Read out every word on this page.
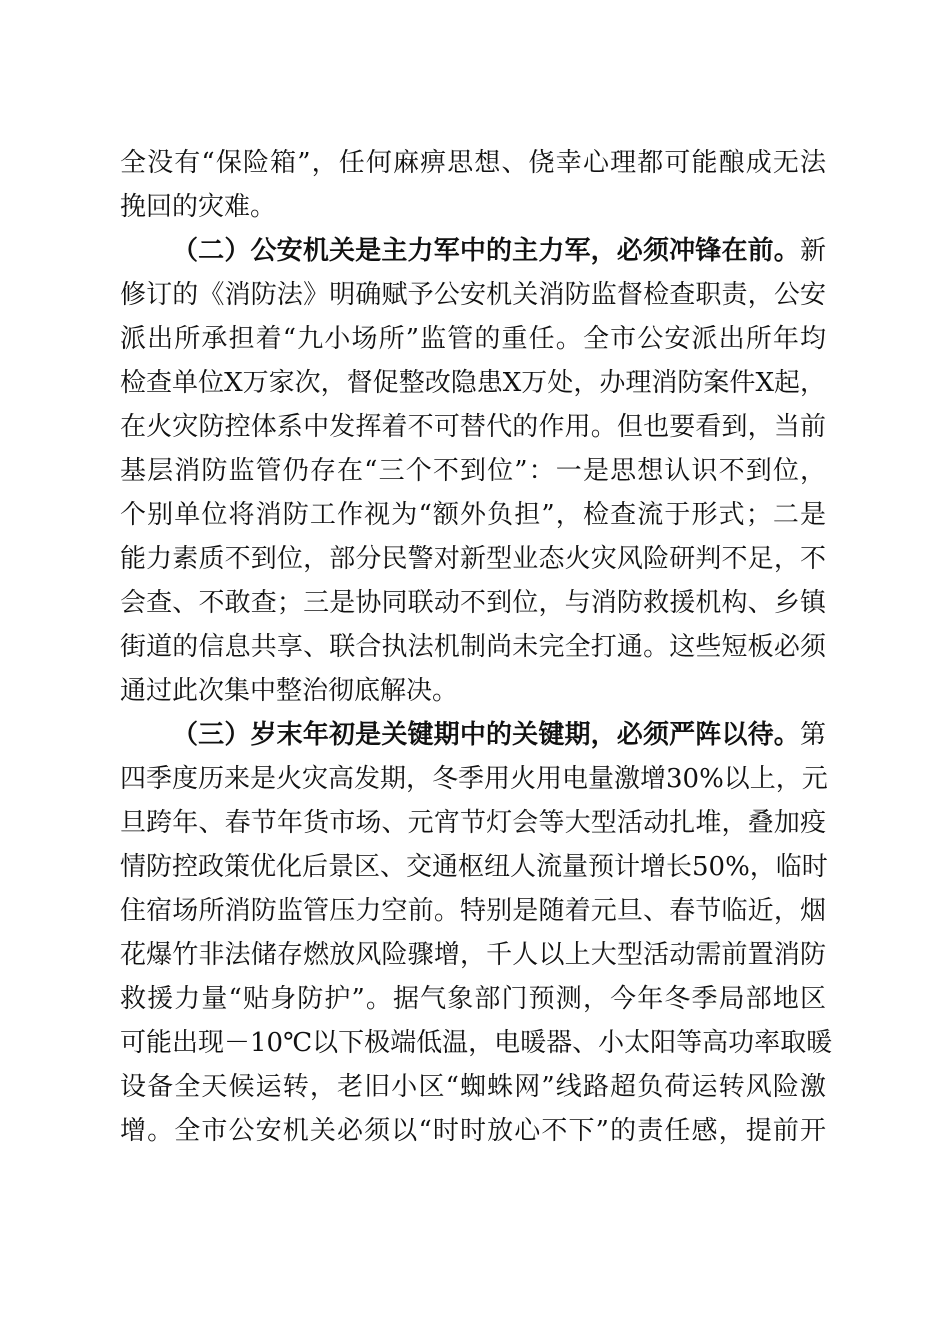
全没有“保险箱”，任何麻痹思想、侥幸心理都可能酿成无法
挽回的灾难。
（二）公安机关是主力军中的主力军，必须冲锋在前。新
修订的《消防法》明确赋予公安机关消防监督检查职责，公安
派出所承担着“九小场所”监管的重任。全市公安派出所年均
检查单位X万家次，督促整改隐患X万处，办理消防案件X起，
在火灾防控体系中发挥着不可替代的作用。但也要看到，当前
基层消防监管仍存在“三个不到位”：一是思想认识不到位，
个别单位将消防工作视为“额外负担”，检查流于形式；二是
能力素质不到位，部分民警对新型业态火灾风险研判不足，不
会查、不敢查；三是协同联动不到位，与消防救援机构、乡镇
街道的信息共享、联合执法机制尚未完全打通。这些短板必须
通过此次集中整治彻底解决。
（三）岁末年初是关键期中的关键期，必须严阵以待。第
四季度历来是火灾高发期，冬季用火用电量激增30%以上，元
旦跨年、春节年货市场、元宵节灯会等大型活动扎堆，叠加疫
情防控政策优化后景区、交通枢纽人流量预计增长50%，临时
住宿场所消防监管压力空前。特别是随着元旦、春节临近，烟
花爆竹非法储存燃放风险骤增，千人以上大型活动需前置消防
救援力量“贴身防护”。据气象部门预测，今年冬季局部地区
可能出现－10℃以下极端低温，电暖器、小太阳等高功率取暖
设备全天候运转，老旧小区“蜘蛛网”线路超负荷运转风险激
增。全市公安机关必须以“时时放心不下”的责任感，提前开
